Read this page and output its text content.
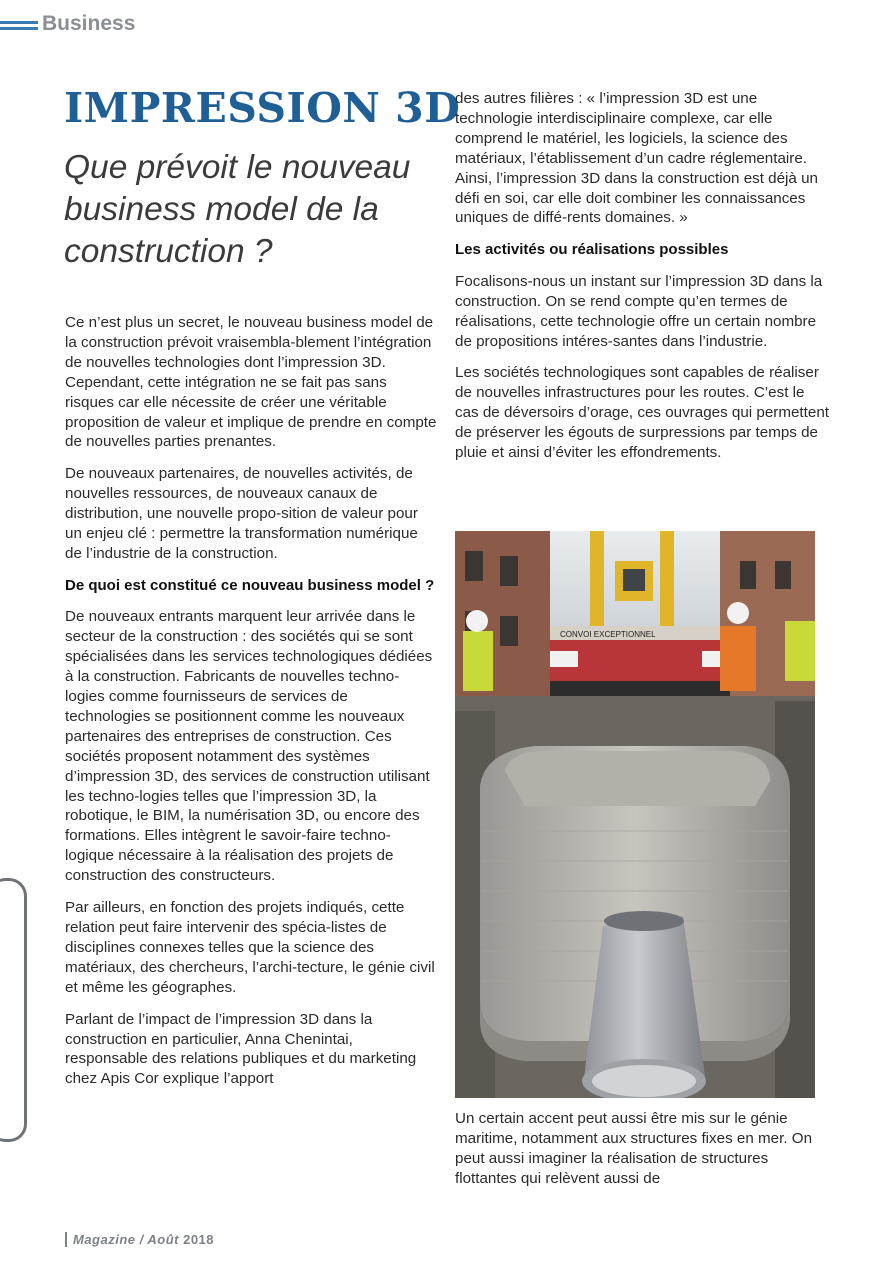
Business
IMPRESSION 3D
Que prévoit le nouveau business model de la construction ?

Ce n’est plus un secret, le nouveau business model de la construction prévoit vraisembla-blement l’intégration de nouvelles technologies dont l’impression 3D. Cependant, cette intégration ne se fait pas sans risques car elle nécessite de créer une véritable proposition de valeur et implique de prendre en compte de nouvelles parties prenantes.

De nouveaux partenaires, de nouvelles activités, de nouvelles ressources, de nouveaux canaux de distribution, une nouvelle propo-sition de valeur pour un enjeu clé : permettre la transformation numérique de l’industrie de la construction.

De quoi est constitué ce nouveau business model ?

De nouveaux entrants marquent leur arrivée dans le secteur de la construction : des sociétés qui se sont spécialisées dans les services technologiques dédiées à la construction. Fabricants de nouvelles techno-logies comme fournisseurs de services de technologies se positionnent comme les nouveaux partenaires des entreprises de construction. Ces sociétés proposent notamment des systèmes d’impression 3D, des services de construction utilisant les techno-logies telles que l’impression 3D, la robotique, le BIM, la numérisation 3D, ou encore des formations. Elles intègrent le savoir-faire techno-logique nécessaire à la réalisation des projets de construction des constructeurs.

Par ailleurs, en fonction des projets indiqués, cette relation peut faire intervenir des spécia-listes de disciplines connexes telles que la science des matériaux, des chercheurs, l’archi-tecture, le génie civil et même les géographes.

Parlant de l’impact de l’impression 3D dans la construction en particulier, Anna Chenintai, responsable des relations publiques et du marketing chez Apis Cor explique l’apport

des autres filières : « l’impression 3D est une technologie interdisciplinaire complexe, car elle comprend le matériel, les logiciels, la science des matériaux, l’établissement d’un cadre réglementaire. Ainsi, l’impression 3D dans la construction est déjà un défi en soi, car elle doit combiner les connaissances uniques de diffé-rents domaines. »

Les activités ou réalisations possibles

Focalisons-nous un instant sur l’impression 3D dans la construction. On se rend compte qu’en termes de réalisations, cette technologie offre un certain nombre de propositions intéres-santes dans l’industrie.

Les sociétés technologiques sont capables de réaliser de nouvelles infrastructures pour les routes. C’est le cas de déversoirs d’orage, ces ouvrages qui permettent de préserver les égouts de surpressions par temps de pluie et ainsi d’éviter les effondrements.

CONVOI EXCEPTIONNEL

Un certain accent peut aussi être mis sur le génie maritime, notamment aux structures fixes en mer. On peut aussi imaginer la réalisation de structures flottantes qui relèvent aussi de

Magazine / Août 2018
